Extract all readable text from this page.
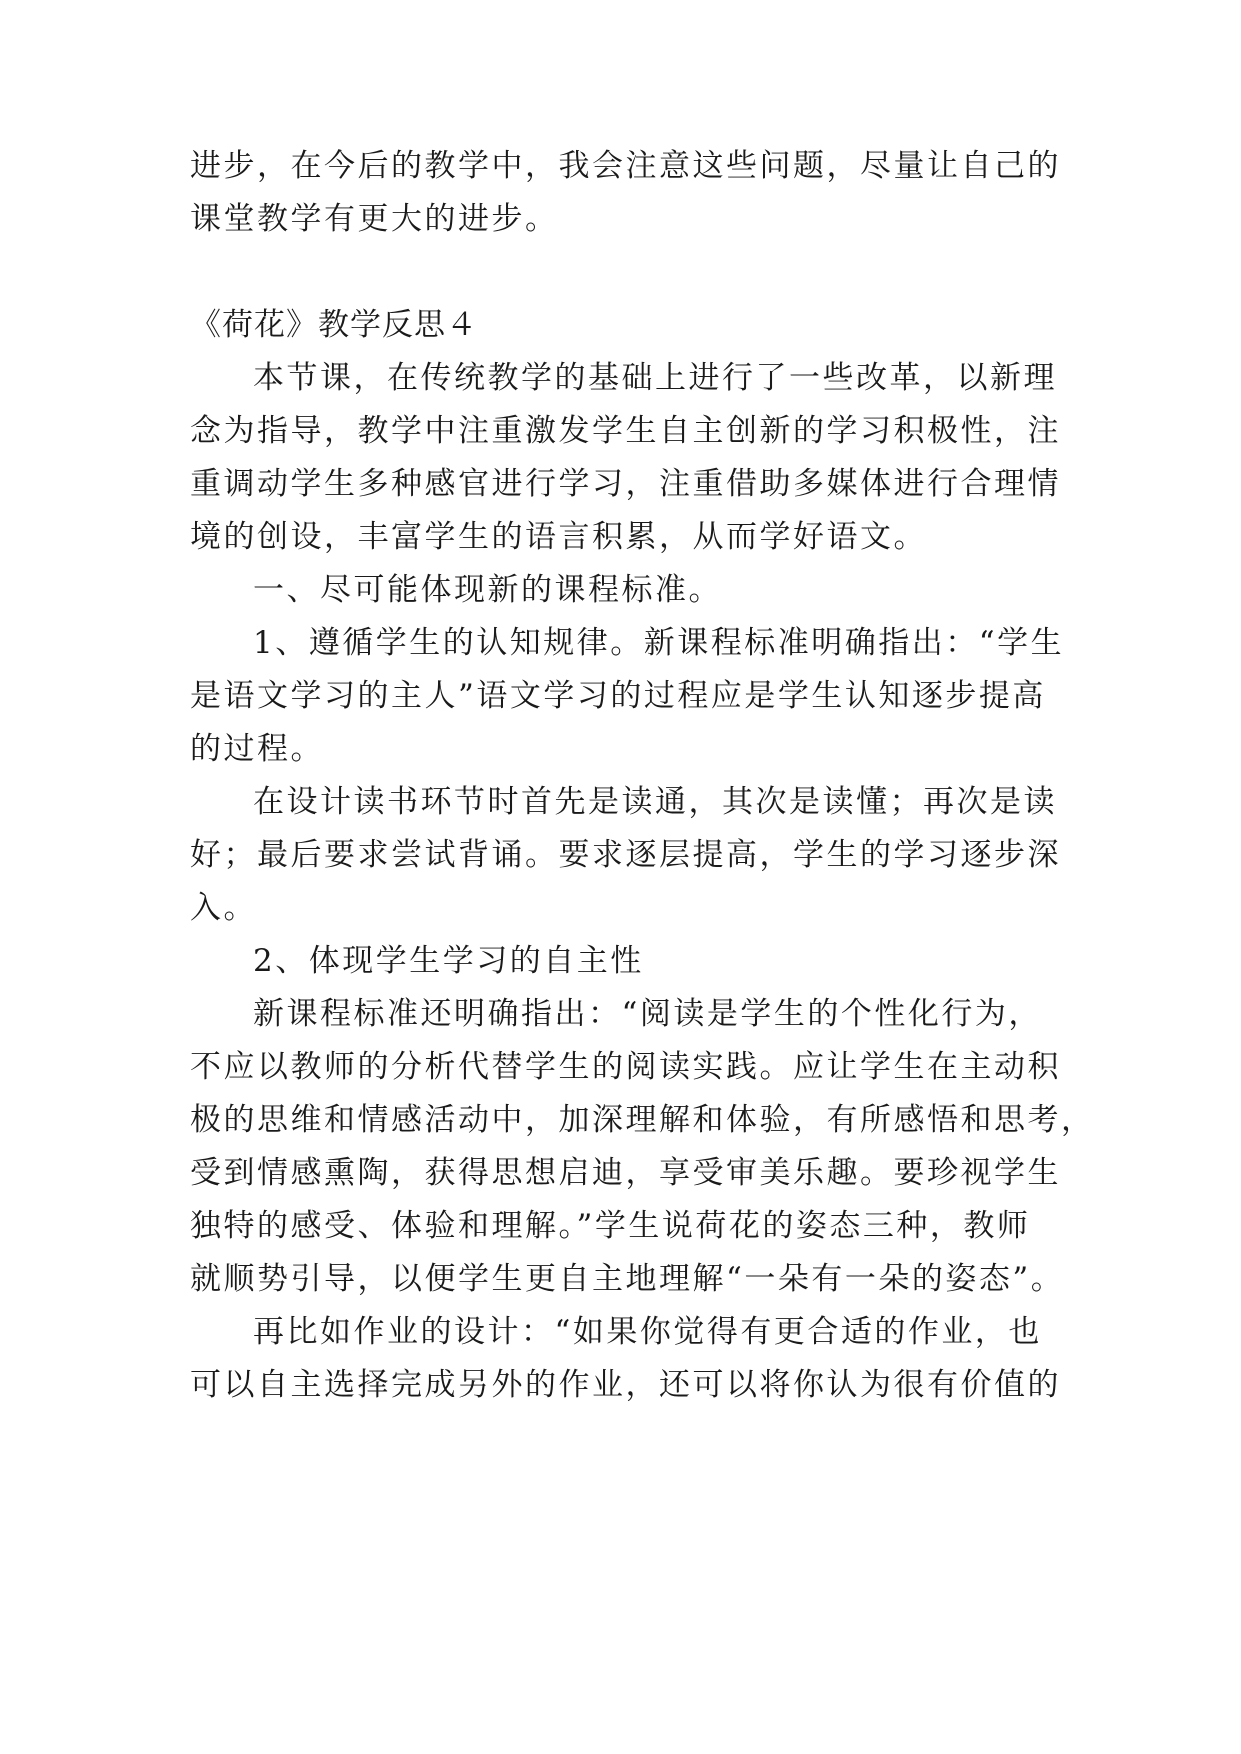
进步，在今后的教学中，我会注意这些问题，尽量让自己的
课堂教学有更大的进步。
《荷花》教学反思４
本节课，在传统教学的基础上进行了一些改革，以新理
念为指导，教学中注重激发学生自主创新的学习积极性，注
重调动学生多种感官进行学习，注重借助多媒体进行合理情
境的创设，丰富学生的语言积累，从而学好语文。
一、尽可能体现新的课程标准。
1、遵循学生的认知规律。新课程标准明确指出：“学生
是语文学习的主人”语文学习的过程应是学生认知逐步提高
的过程。
在设计读书环节时首先是读通，其次是读懂；再次是读
好；最后要求尝试背诵。要求逐层提高，学生的学习逐步深
入。
2、体现学生学习的自主性
新课程标准还明确指出：“阅读是学生的个性化行为，
不应以教师的分析代替学生的阅读实践。应让学生在主动积
极的思维和情感活动中，加深理解和体验，有所感悟和思考，
受到情感熏陶，获得思想启迪，享受审美乐趣。要珍视学生
独特的感受、体验和理解。”学生说荷花的姿态三种，教师
就顺势引导，以便学生更自主地理解“一朵有一朵的姿态”。
再比如作业的设计：“如果你觉得有更合适的作业，也
可以自主选择完成另外的作业，还可以将你认为很有价值的
